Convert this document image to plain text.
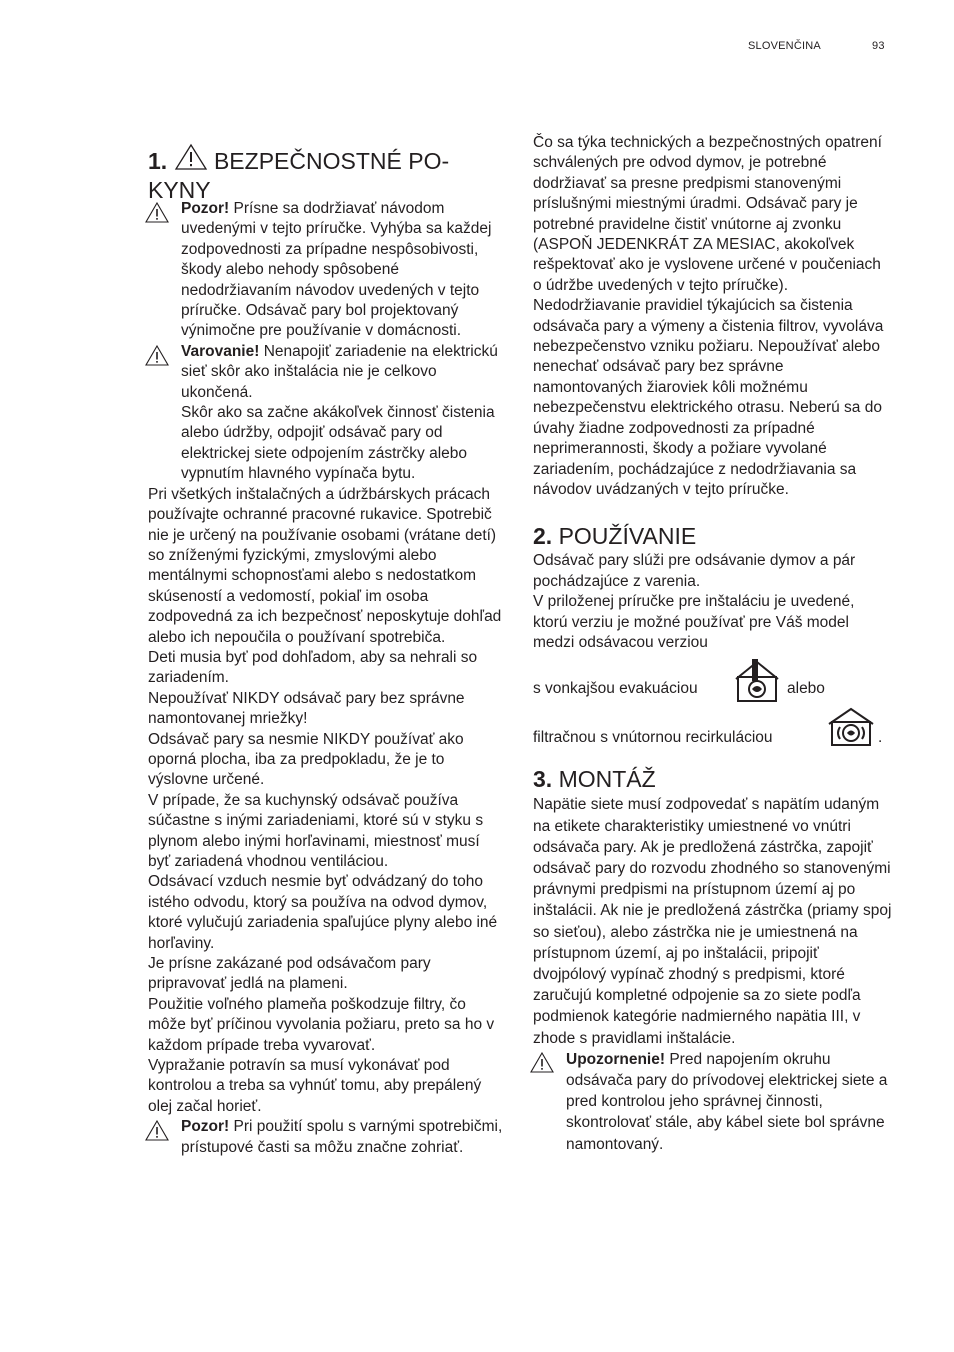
SLOVENČINA	93
1. BEZPEČNOSTNÉ PO-
KYNY
Pozor! Prísne sa dodržiavať návodom uvedenými v tejto príručke. Vyhýba sa každej zodpovednosti za prípadne nespôsobivosti, škody alebo nehody spôsobené nedodržiavaním návodov uvedených v tejto príručke. Odsávač pary bol projektovaný výnimočne pre používanie v domácnosti.
Varovanie! Nenapojiť zariadenie na elektrickú sieť skôr ako inštalácia nie je celkovo ukončená.

Skôr ako sa začne akákoľvek činnosť čistenia alebo údržby, odpojiť odsávač pary od elektrickej siete odpojením zástrčky alebo vypnutím hlavného vypínača bytu.

Pri všetkých inštalačných a údržbárskych prácach používajte ochranné pracovné rukavice. Spotrebič nie je určený na používanie osobami (vrátane detí) so zníženými fyzickými, zmyslovými alebo mentálnymi schopnosťami alebo s nedostatkom skúseností a vedomostí, pokiaľ im osoba zodpovedná za ich bezpečnosť neposkytuje dohľad alebo ich nepoučila o používaní spotrebiča.

Deti musia byť pod dohľadom, aby sa nehrali so zariadením.

Nepoužívať NIKDY odsávač pary bez správne namontovanej mriežky!

Odsávač pary sa nesmie NIKDY používať ako oporná plocha, iba za predpokladu, že je to výslovne určené.

V prípade, že sa kuchynský odsávač používa súčastne s inými zariadeniami, ktoré sú v styku s plynom alebo inými horľavinami, miestnosť musí byť zariadená vhodnou ventiláciou.

Odsávací vzduch nesmie byť odvádzaný do toho istého odvodu, ktorý sa používa na odvod dymov, ktoré vylučujú zariadenia spaľujúce plyny alebo iné horľaviny.

Je prísne zakázané pod odsávačom pary pripravovať jedlá na plameni.

Použitie voľného plameňa poškodzuje filtry, čo môže byť príčinou vyvolania požiaru, preto sa ho v každom prípade treba vyvarovať.

Vypražanie potravín sa musí vykonávať pod kontrolou a treba sa vyhnúť tomu, aby prepálený olej začal horieť.

Pozor! Pri použití spolu s varnými spotrebičmi, prístupové časti sa môžu značne zohriať.

Čo sa týka technických a bezpečnostných opatrení schválených pre odvod dymov, je potrebné dodržiavať sa presne predpismi stanovenými príslušnými miestnými úradmi. Odsávač pary je potrebné pravidelne čistiť vnútorne aj zvonku (ASPOŇ JEDENKRÁT ZA MESIAC, akokoľvek rešpektovať ako je vyslovene určené v poučeniach o údržbe uvedených v tejto príručke).

Nedodržiavanie pravidiel týkajúcich sa čistenia odsávača pary a výmeny a čistenia filtrov, vyvoláva nebezpečenstvo vzniku požiaru. Nepoužívať alebo nenechať odsávač pary bez správne namontovaných žiaroviek kôli možnému nebezpečenstvu elektrického otrasu. Neberú sa do úvahy žiadne zodpovednosti za prípadné neprimerannosti, škody a požiare vyvolané zariadením, pochádzajúce z nedodržiavania sa návodov uvádzaných v tejto príručke.

2. POUŽÍVANIE

Odsávač pary slúži pre odsávanie dymov a pár pochádzajúce z varenia.

V priloženej príručke pre inštaláciu je uvedené, ktorú verziu je možné používať pre Váš model medzi odsávacou verziou

s vonkajšou evakuáciou	alebo
filtračnou s vnútornou recirkuláciou	.
3. MONTÁŽ

Napätie siete musí zodpovedať s napätím udaným na etikete charakteristiky umiestnené vo vnútri odsávača pary. Ak je predložená zástrčka, zapojiť odsávač pary do rozvodu zhodného so stanovenými právnymi predpismi na prístupnom území aj po inštalácii. Ak nie je predložená zástrčka (priamy spoj so sieťou), alebo zástrčka nie je umiestnená na prístupnom území, aj po inštalácii, pripojiť dvojpólový vypínač zhodný s predpismi, ktoré zaručujú kompletné odpojenie sa zo siete podľa podmienok kategórie nadmierného napätia III, v zhode s pravidlami inštalácie.

Upozornenie! Pred napojením okruhu odsávača pary do prívodovej elektrickej siete a pred kontrolou jeho správnej činnosti, skontrolovať stále, aby kábel siete bol správne namontovaný.
